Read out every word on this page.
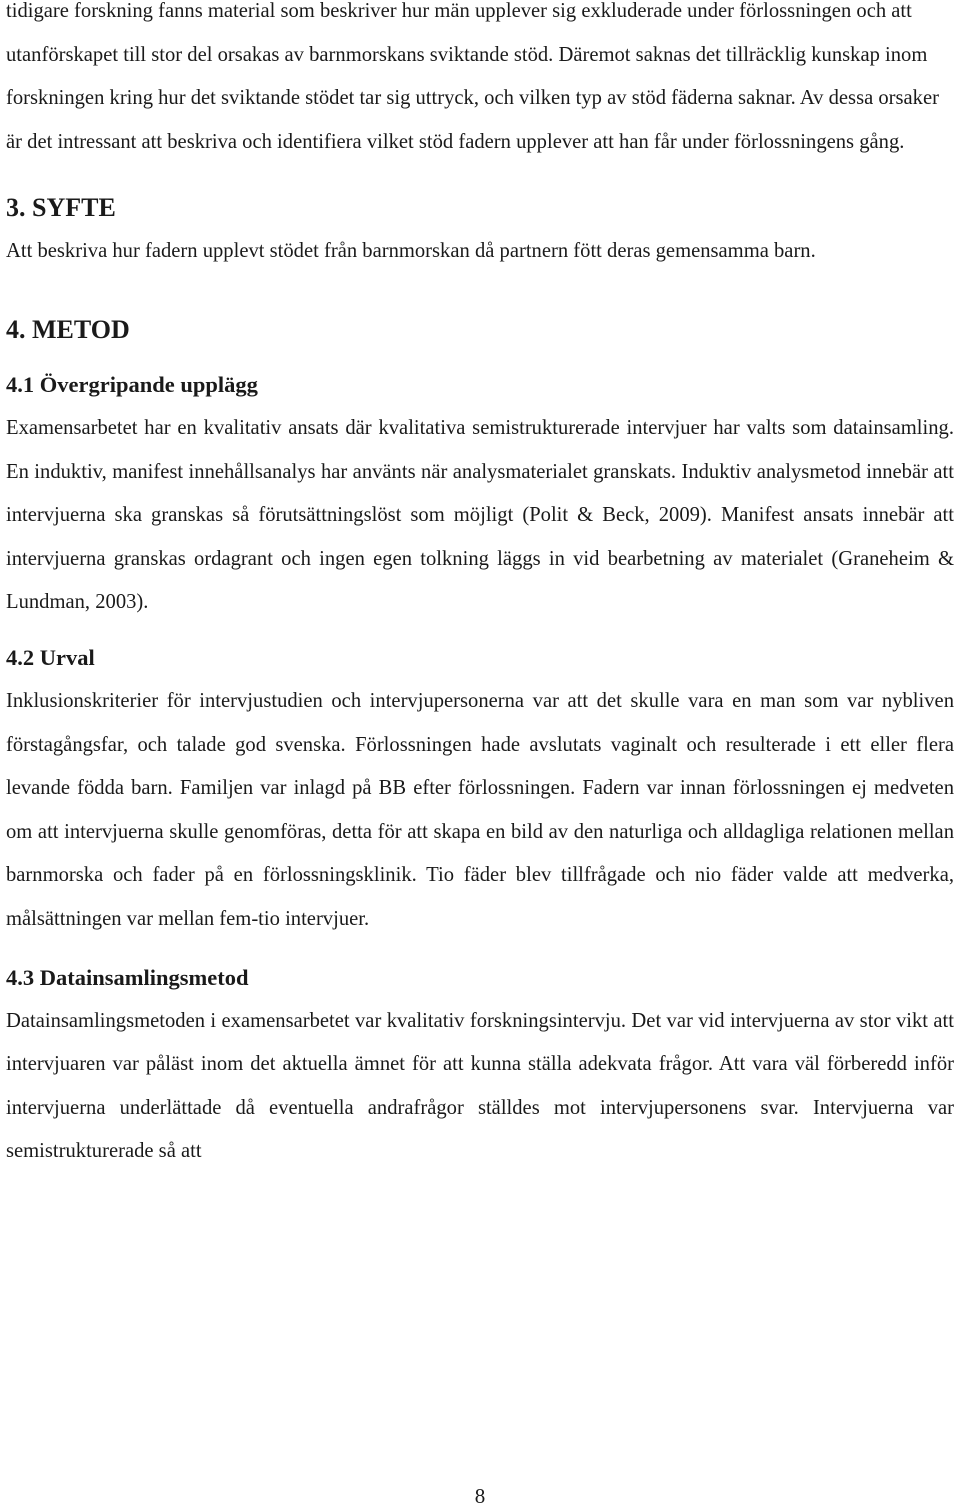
tidigare forskning fanns material som beskriver hur män upplever sig exkluderade under förlossningen och att utanförskapet till stor del orsakas av barnmorskans sviktande stöd. Däremot saknas det tillräcklig kunskap inom forskningen kring hur det sviktande stödet tar sig uttryck, och vilken typ av stöd fäderna saknar. Av dessa orsaker är det intressant att beskriva och identifiera vilket stöd fadern upplever att han får under förlossningens gång.

3. SYFTE

Att beskriva hur fadern upplevt stödet från barnmorskan då partnern fött deras gemensamma barn.

4. METOD
4.1 Övergripande upplägg

Examensarbetet har en kvalitativ ansats där kvalitativa semistrukturerade intervjuer har valts som datainsamling. En induktiv, manifest innehållsanalys har använts när analysmaterialet granskats. Induktiv analysmetod innebär att intervjuerna ska granskas så förutsättningslöst som möjligt (Polit & Beck, 2009). Manifest ansats innebär att intervjuerna granskas ordagrant och ingen egen tolkning läggs in vid bearbetning av materialet (Graneheim & Lundman, 2003).

4.2 Urval

Inklusionskriterier för intervjustudien och intervjupersonerna var att det skulle vara en man som var nybliven förstagångsfar, och talade god svenska. Förlossningen hade avslutats vaginalt och resulterade i ett eller flera levande födda barn. Familjen var inlagd på BB efter förlossningen. Fadern var innan förlossningen ej medveten om att intervjuerna skulle genomföras, detta för att skapa en bild av den naturliga och alldagliga relationen mellan barnmorska och fader på en förlossningsklinik. Tio fäder blev tillfrågade och nio fäder valde att medverka, målsättningen var mellan fem-tio intervjuer.

4.3 Datainsamlingsmetod

Datainsamlingsmetoden i examensarbetet var kvalitativ forskningsintervju. Det var vid intervjuerna av stor vikt att intervjuaren var påläst inom det aktuella ämnet för att kunna ställa adekvata frågor. Att vara väl förberedd inför intervjuerna underlättade då eventuella andrafrågor ställdes mot intervjupersonens svar. Intervjuerna var semistrukturerade så att

8
